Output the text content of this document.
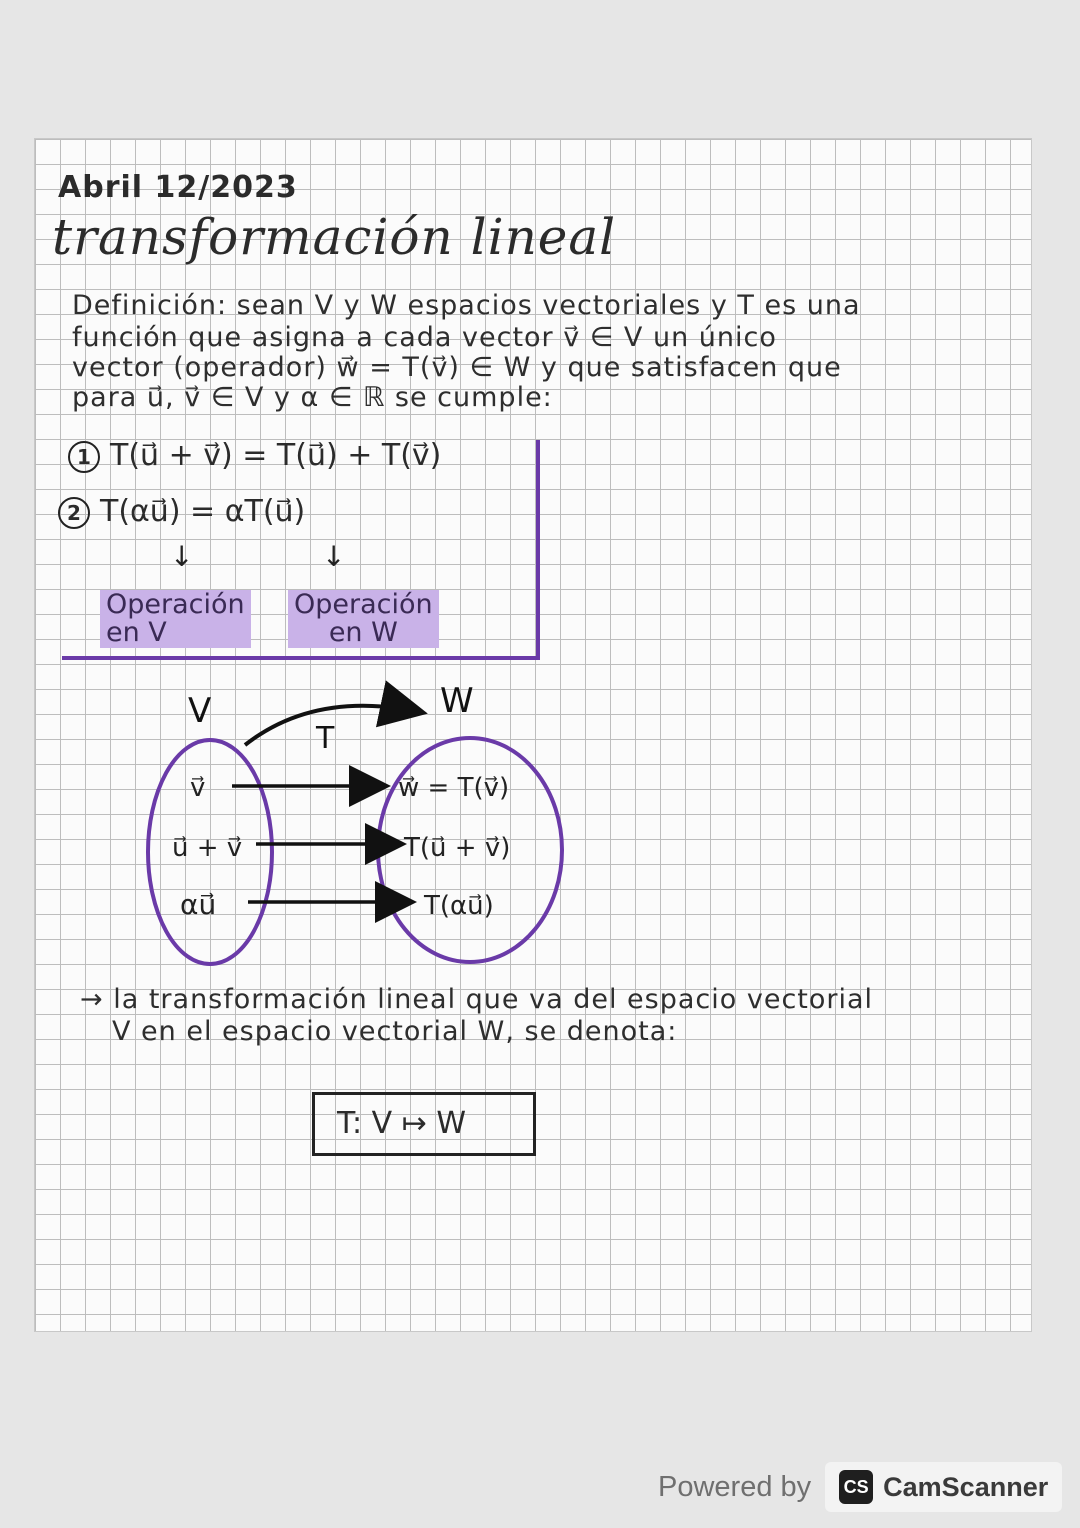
Abril 12/2023
transformación lineal
Definición: sean V y W espacios vectoriales y T es una
función que asigna a cada vector v⃗ ∈ V un único
vector (operador) w⃗ = T(v⃗) ∈ W y que satisfacen que
para u⃗, v⃗ ∈ V y α ∈ ℝ se cumple:
1 T(u⃗ + v⃗) = T(u⃗) + T(v⃗)
2 T(αu⃗) = αT(u⃗)
↓	↓
Operación
en V
Operación
en W
V	W
T
v⃗
u⃗ + v⃗
αu⃗
w⃗ = T(v⃗)
T(u⃗ + v⃗)
T(αu⃗)
→ la transformación lineal que va del espacio vectorial
V en el espacio vectorial W, se denota:
T: V ↦ W
Powered by CS CamScanner
